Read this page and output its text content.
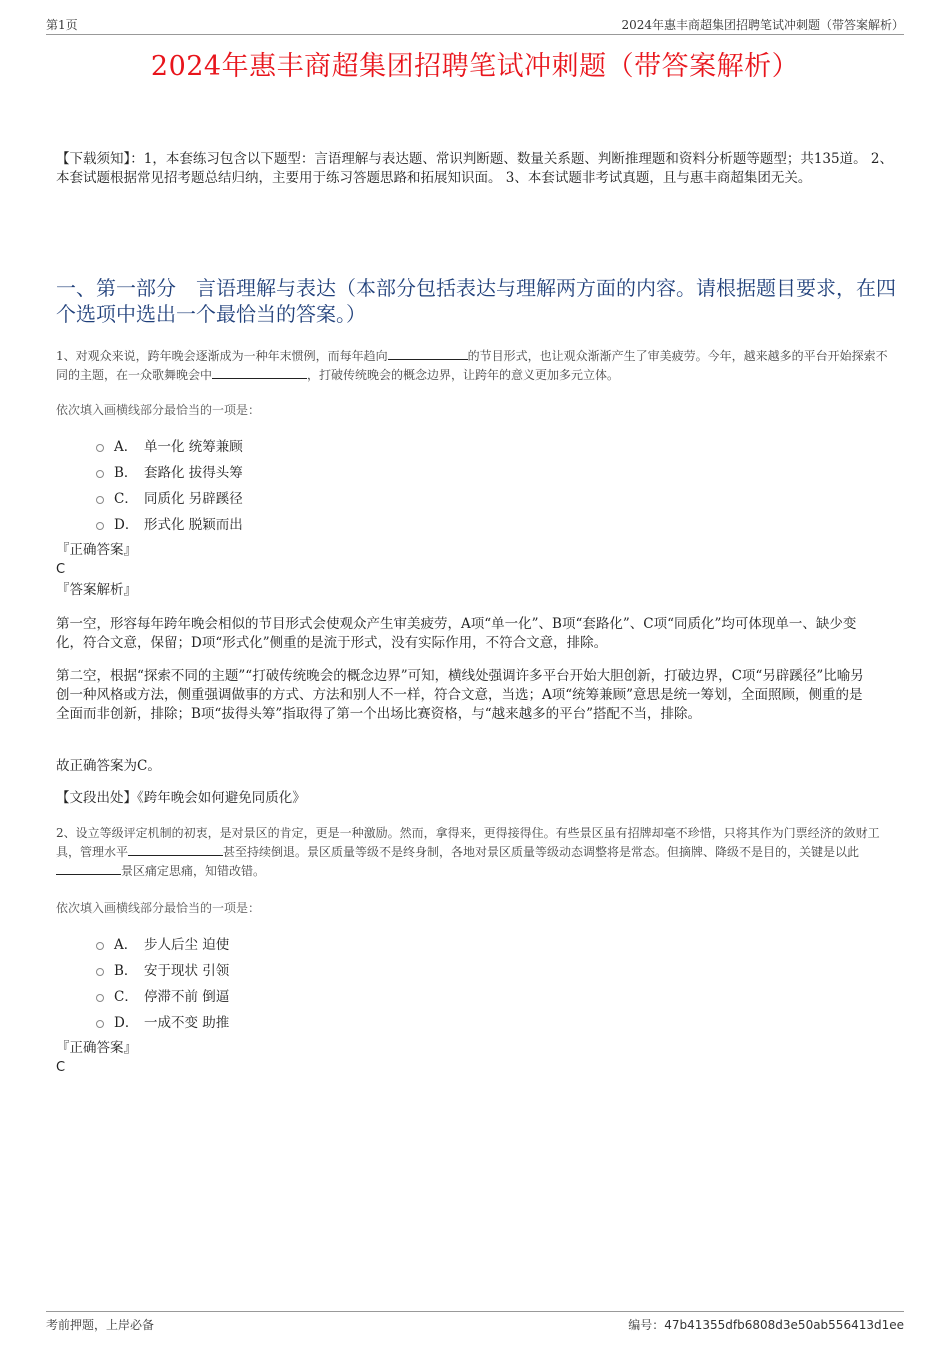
第1页	2024年惠丰商超集团招聘笔试冲刺题（带答案解析）
2024年惠丰商超集团招聘笔试冲刺题（带答案解析）
【下载须知】：1，本套练习包含以下题型：言语理解与表达题、常识判断题、数量关系题、判断推理题和资料分析题等题型；共135道。 2、本套试题根据常见招考题总结归纳，主要用于练习答题思路和拓展知识面。 3、本套试题非考试真题，且与惠丰商超集团无关。
一、第一部分　言语理解与表达（本部分包括表达与理解两方面的内容。请根据题目要求，在四个选项中选出一个最恰当的答案。）
1、对观众来说，跨年晚会逐渐成为一种年末惯例，而每年趋向	的节目形式，也让观众渐渐产生了审美疲劳。今年，越来越多的平台开始探索不同的主题，在一众歌舞晚会中	，打破传统晚会的概念边界，让跨年的意义更加多元立体。
依次填入画横线部分最恰当的一项是：
A． 单一化 统筹兼顾
B． 套路化 拔得头筹
C． 同质化 另辟蹊径
D． 形式化 脱颖而出
『正确答案』
C
『答案解析』
第一空，形容每年跨年晚会相似的节目形式会使观众产生审美疲劳，A项“单一化”、B项“套路化”、C项“同质化”均可体现单一、缺少变化，符合文意，保留；D项“形式化”侧重的是流于形式，没有实际作用，不符合文意，排除。
第二空，根据“探索不同的主题”“打破传统晚会的概念边界”可知，横线处强调许多平台开始大胆创新，打破边界，C项“另辟蹊径”比喻另创一种风格或方法，侧重强调做事的方式、方法和别人不一样，符合文意，当选；A项“统筹兼顾”意思是统一筹划，全面照顾，侧重的是全面而非创新，排除；B项“拔得头筹”指取得了第一个出场比赛资格，与“越来越多的平台”搭配不当，排除。
故正确答案为C。
【文段出处】《跨年晚会如何避免同质化》
2、设立等级评定机制的初衷，是对景区的肯定，更是一种激励。然而，拿得来，更得接得住。有些景区虽有招牌却毫不珍惜，只将其作为门票经济的敛财工具，管理水平	甚至持续倒退。景区质量等级不是终身制，各地对景区质量等级动态调整将是常态。但摘牌、降级不是目的，关键是以此景区痛定思痛，知错改错。
依次填入画横线部分最恰当的一项是：
A． 步人后尘 迫使
B． 安于现状 引领
C． 停滞不前 倒逼
D． 一成不变 助推
『正确答案』
C
考前押题，上岸必备	编号：47b41355dfb6808d3e50ab556413d1ee
